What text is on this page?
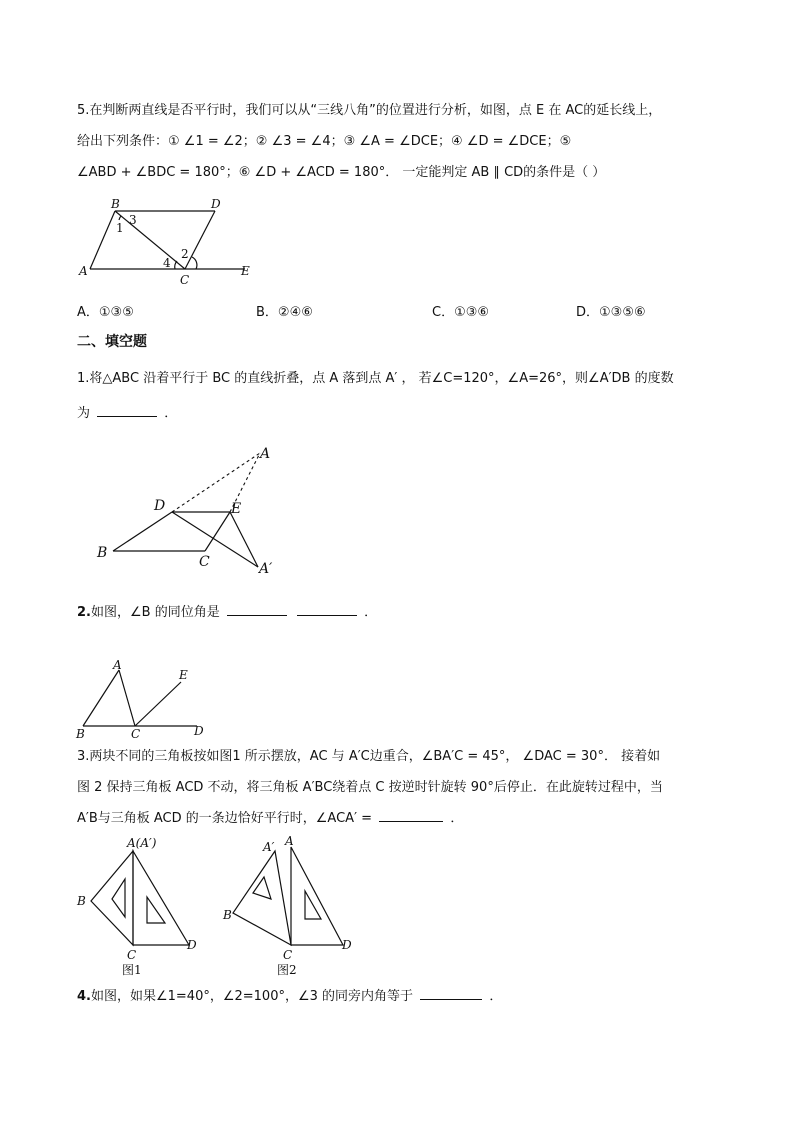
5.在判断两直线是否平行时，我们可以从“三线八角”的位置进行分析，如图，点 E 在 AC的延长线上，
给出下列条件：① ∠1 = ∠2；② ∠3 = ∠4；③ ∠A = ∠DCE；④ ∠D = ∠DCE；⑤
∠ABD + ∠BDC = 180°；⑥ ∠D + ∠ACD = 180°． 一定能判定 AB ∥ CD的条件是（ ）
B	D
3
1
2
4
A
C
E
A．①③⑤	B．②④⑥	C．①③⑥	D．①③⑤⑥
二、填空题
1.将△ABC 沿着平行于 BC 的直线折叠，点 A 落到点 A′ ， 若∠C=120°，∠A=26°，则∠A′DB 的度数
为	．
A
D	E
B
C	A′
2.如图，∠B 的同位角是	．
A
E
B	C	D
3.两块不同的三角板按如图1 所示摆放，AC 与 A′C边重合，∠BA′C = 45°， ∠DAC = 30°． 接着如
图 2 保持三角板 ACD 不动，将三角板 A′BC绕着点 C 按逆时针旋转 90°后停止．在此旋转过程中，当
A′B与三角板 ACD 的一条边恰好平行时，∠ACA′ =	．
A(A′)
B
C
D
图1
A′ A
B
C
D
图2
4.如图，如果∠1=40°，∠2=100°，∠3 的同旁内角等于	．
